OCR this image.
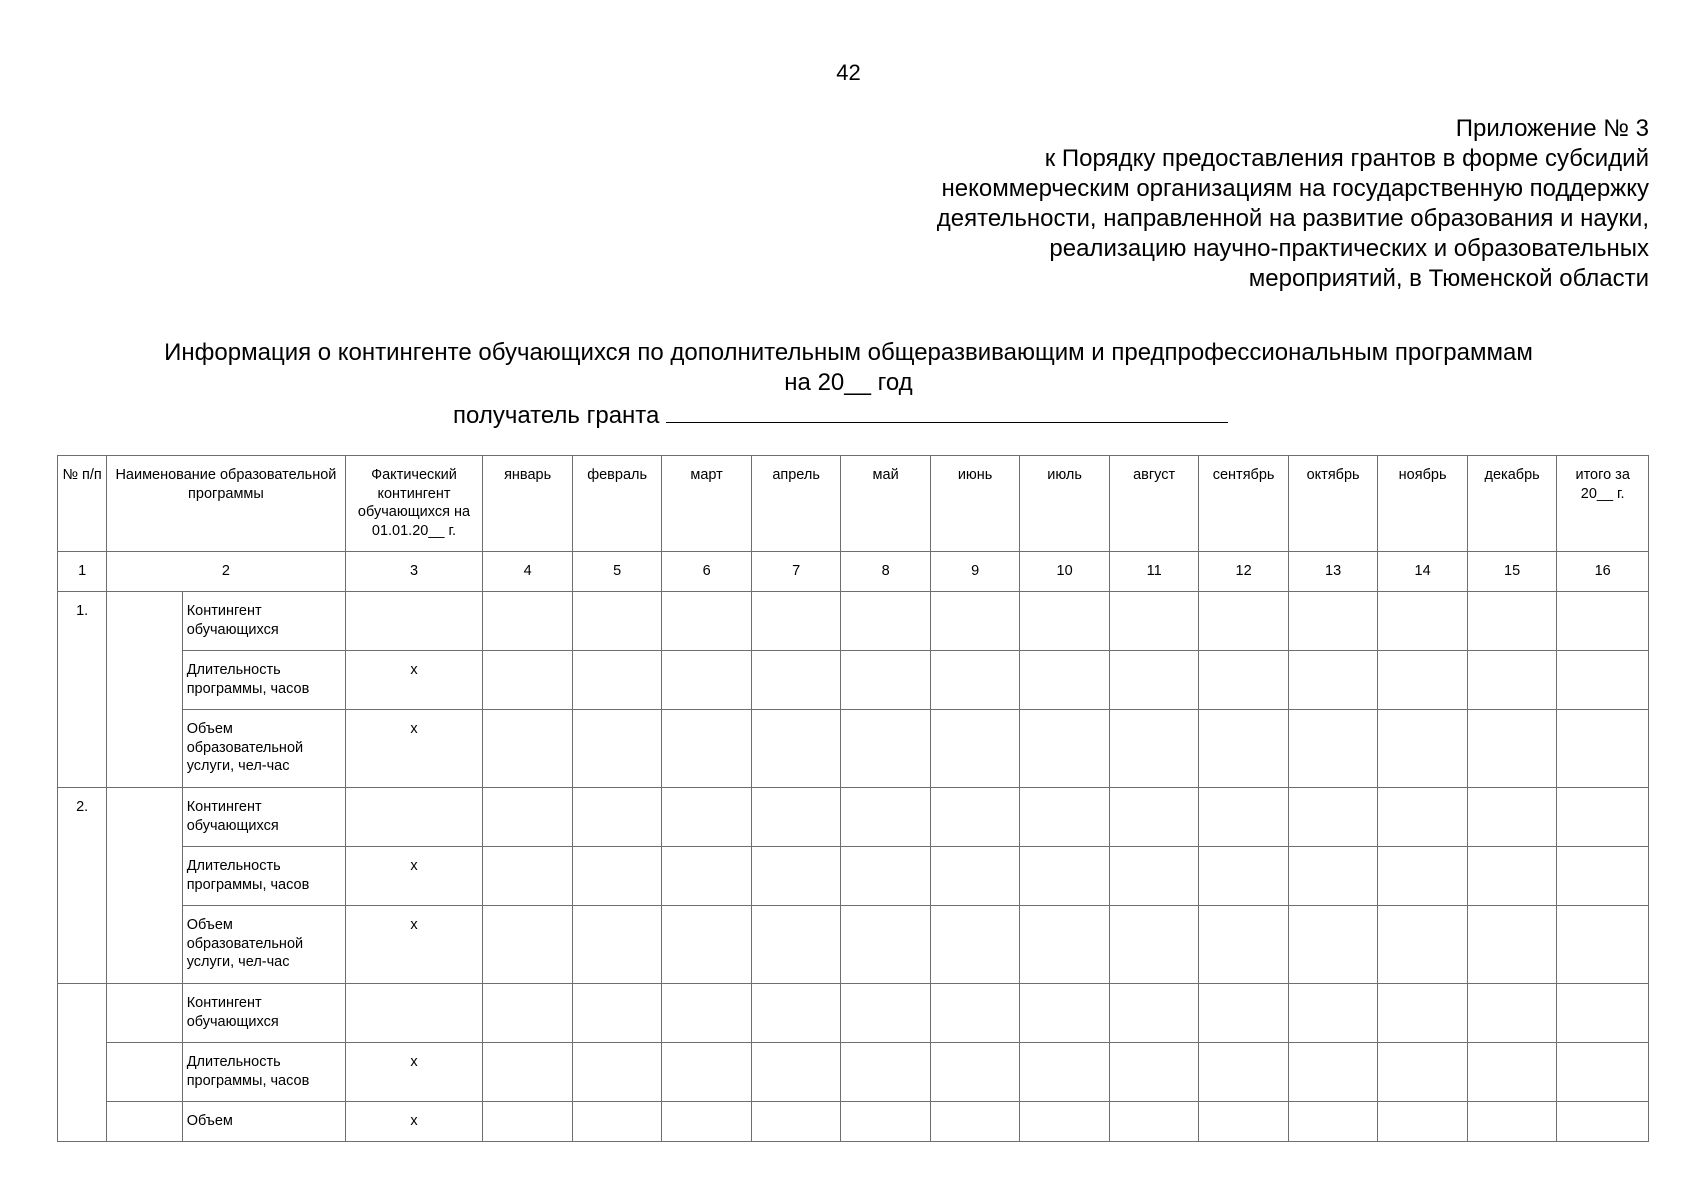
42
Приложение № 3
к Порядку предоставления грантов в форме субсидий
некоммерческим организациям на государственную поддержку
деятельности, направленной на развитие образования и науки,
реализацию научно-практических и образовательных
мероприятий, в Тюменской области
Информация о контингенте обучающихся по дополнительным общеразвивающим и предпрофессиональным программам
на 20__ год
получатель гранта
№ п/п	Наименование образовательной программы		Фактический контингент обучающихся на 01.01.20__ г.	январь	февраль	март	апрель	май	июнь	июль	август	сентябрь	октябрь	ноябрь	декабрь	итого за 20__ г.
1	2		3	4	5	6	7	8	9	10	11	12	13	14	15	16
1.		Контингент обучающихся														
		Длительность программы, часов	x													
		Объем образовательной услуги, чел-час	x													
2.		Контингент обучающихся														
		Длительность программы, часов	x													
		Объем образовательной услуги, чел-час	x													
		Контингент обучающихся														
		Длительность программы, часов	x													
		Объем	x													
